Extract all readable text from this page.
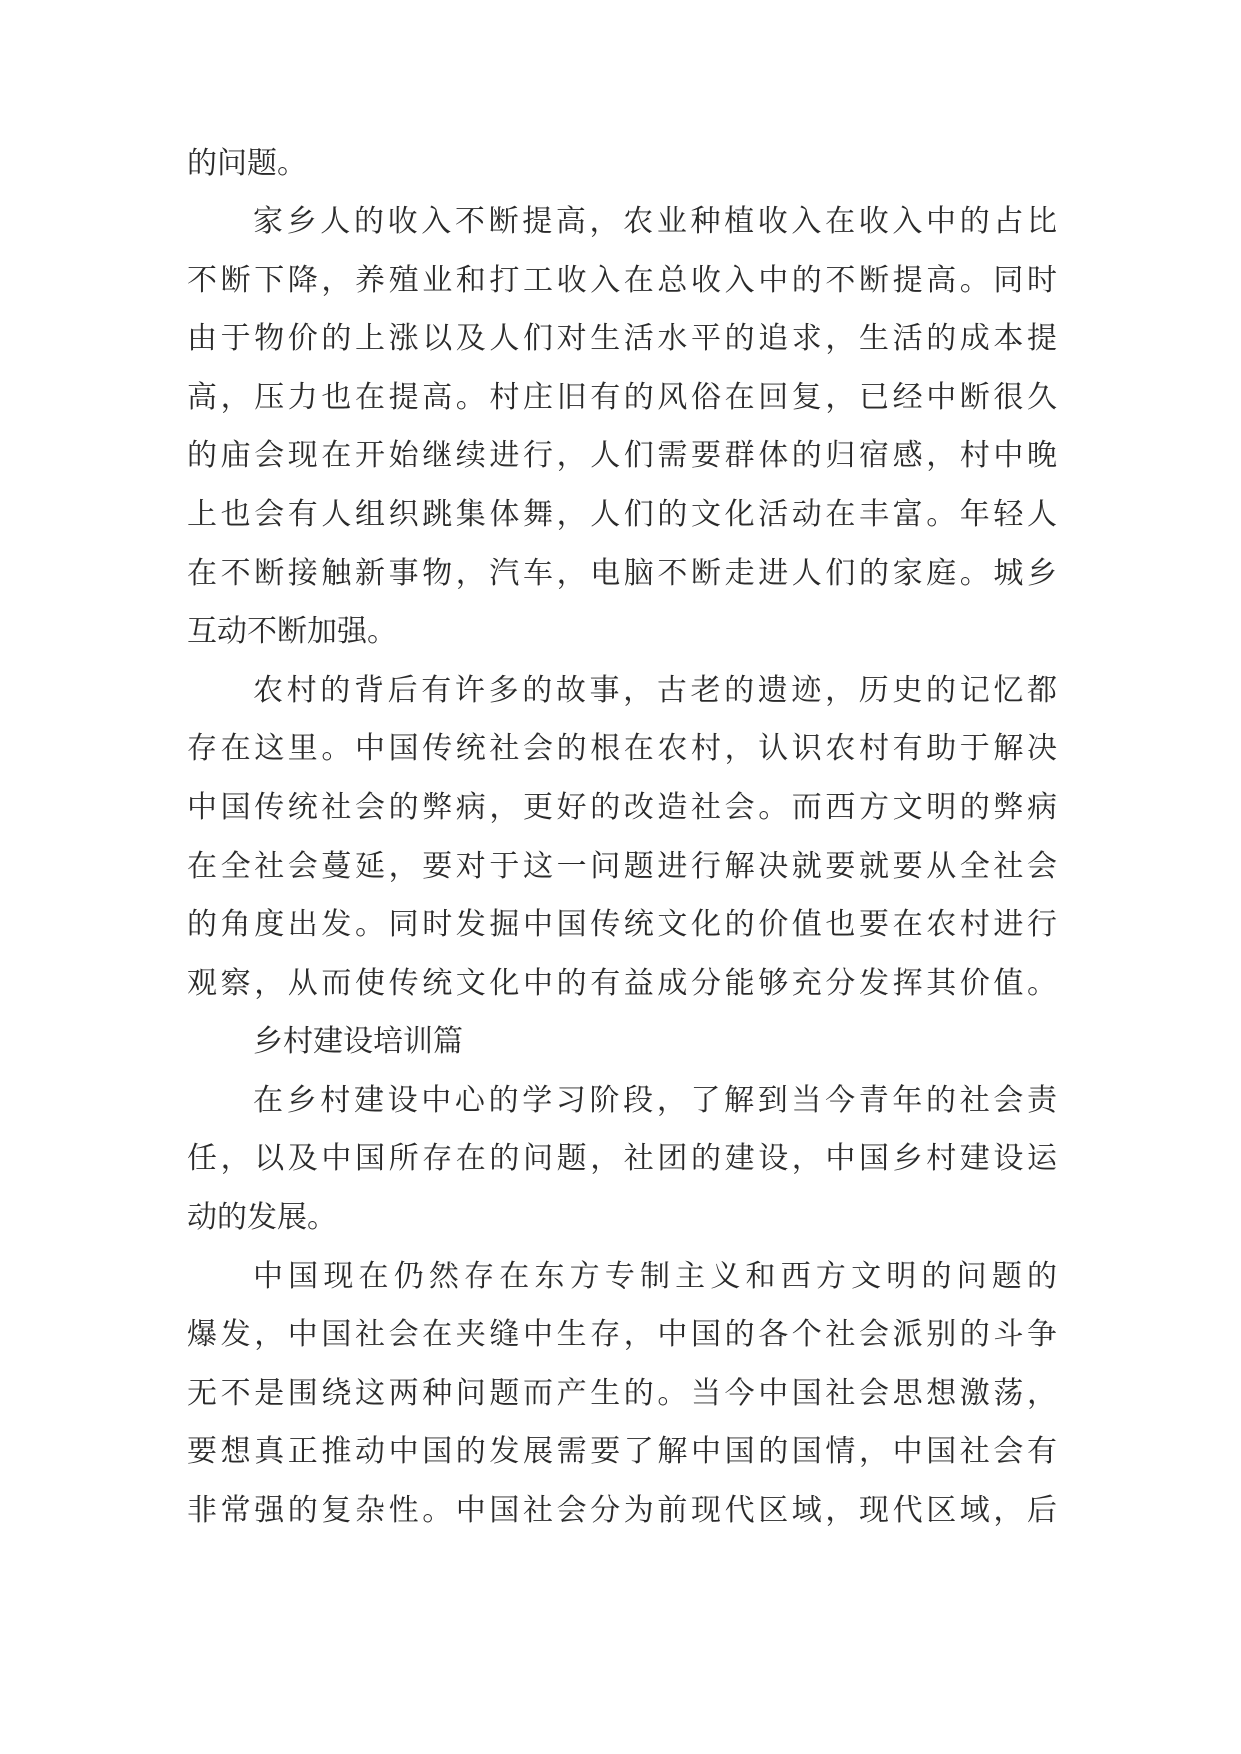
的问题。
家乡人的收入不断提高，农业种植收入在收入中的占比
不断下降，养殖业和打工收入在总收入中的不断提高。同时
由于物价的上涨以及人们对生活水平的追求，生活的成本提
高，压力也在提高。村庄旧有的风俗在回复，已经中断很久
的庙会现在开始继续进行，人们需要群体的归宿感，村中晚
上也会有人组织跳集体舞，人们的文化活动在丰富。年轻人
在不断接触新事物，汽车，电脑不断走进人们的家庭。城乡
互动不断加强。
农村的背后有许多的故事，古老的遗迹，历史的记忆都
存在这里。中国传统社会的根在农村，认识农村有助于解决
中国传统社会的弊病，更好的改造社会。而西方文明的弊病
在全社会蔓延，要对于这一问题进行解决就要就要从全社会
的角度出发。同时发掘中国传统文化的价值也要在农村进行
观察，从而使传统文化中的有益成分能够充分发挥其价值。
乡村建设培训篇
在乡村建设中心的学习阶段，了解到当今青年的社会责
任，以及中国所存在的问题，社团的建设，中国乡村建设运
动的发展。
中国现在仍然存在东方专制主义和西方文明的问题的
爆发，中国社会在夹缝中生存，中国的各个社会派别的斗争
无不是围绕这两种问题而产生的。当今中国社会思想激荡，
要想真正推动中国的发展需要了解中国的国情，中国社会有
非常强的复杂性。中国社会分为前现代区域，现代区域，后
